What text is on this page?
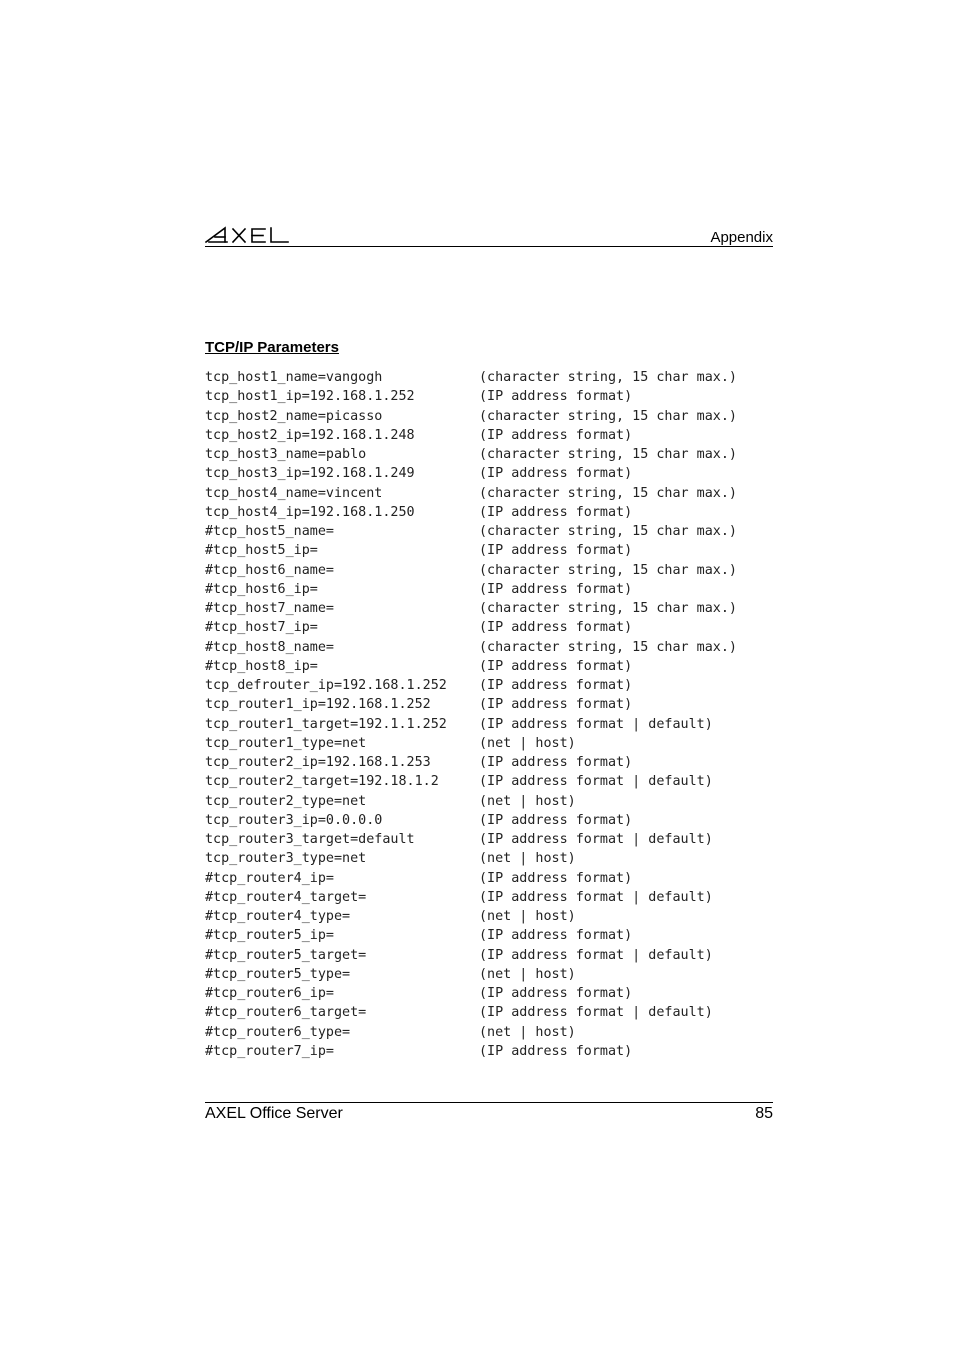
Appendix
TCP/IP Parameters
tcp_host1_name=vangogh	(character string, 15 char max.)
tcp_host1_ip=192.168.1.252	(IP address format)
tcp_host2_name=picasso	(character string, 15 char max.)
tcp_host2_ip=192.168.1.248	(IP address format)
tcp_host3_name=pablo	(character string, 15 char max.)
tcp_host3_ip=192.168.1.249	(IP address format)
tcp_host4_name=vincent	(character string, 15 char max.)
tcp_host4_ip=192.168.1.250	(IP address format)
#tcp_host5_name=	(character string, 15 char max.)
#tcp_host5_ip=	(IP address format)
#tcp_host6_name=	(character string, 15 char max.)
#tcp_host6_ip=	(IP address format)
#tcp_host7_name=	(character string, 15 char max.)
#tcp_host7_ip=	(IP address format)
#tcp_host8_name=	(character string, 15 char max.)
#tcp_host8_ip=	(IP address format)
tcp_defrouter_ip=192.168.1.252	(IP address format)
tcp_router1_ip=192.168.1.252	(IP address format)
tcp_router1_target=192.1.1.252	(IP address format | default)
tcp_router1_type=net	(net | host)
tcp_router2_ip=192.168.1.253	(IP address format)
tcp_router2_target=192.18.1.2	(IP address format | default)
tcp_router2_type=net	(net | host)
tcp_router3_ip=0.0.0.0	(IP address format)
tcp_router3_target=default	(IP address format | default)
tcp_router3_type=net	(net | host)
#tcp_router4_ip=	(IP address format)
#tcp_router4_target=	(IP address format | default)
#tcp_router4_type=	(net | host)
#tcp_router5_ip=	(IP address format)
#tcp_router5_target=	(IP address format | default)
#tcp_router5_type=	(net | host)
#tcp_router6_ip=	(IP address format)
#tcp_router6_target=	(IP address format | default)
#tcp_router6_type=	(net | host)
#tcp_router7_ip=	(IP address format)
AXEL Office Server	85
